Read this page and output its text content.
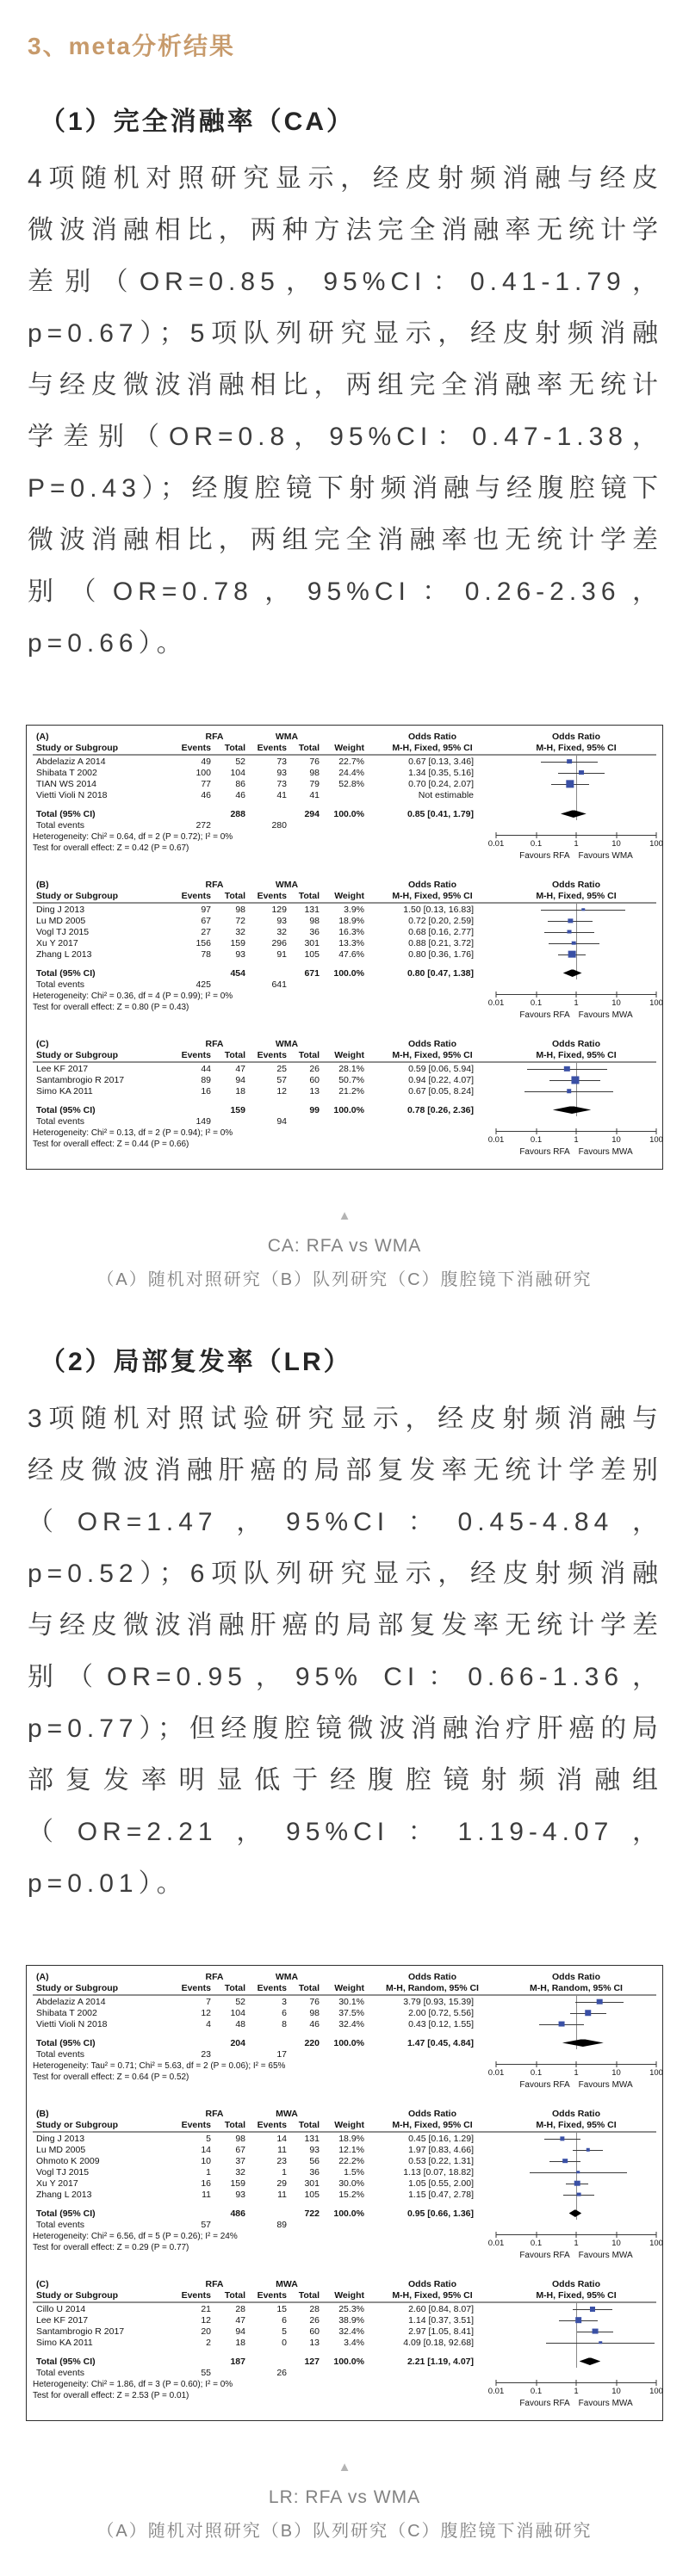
3、meta分析结果
（1）完全消融率（CA）

4项随机对照研究显示，经皮射频消融与经皮微波消融相比，两种方法完全消融率无统计学差别（OR=0.85，95%CI：0.41-1.79，p=0.67）；5项队列研究显示，经皮射频消融与经皮微波消融相比，两组完全消融率无统计学差别（OR=0.8，95%CI：0.47-1.38，P=0.43）；经腹腔镜下射频消融与经腹腔镜下微波消融相比，两组完全消融率也无统计学差别（OR=0.78，95%CI：0.26-2.36，p=0.66）。

(A)	RFA	WMA	Odds Ratio	Odds Ratio
Study or Subgroup	Events	Total	Events	Total	Weight	M-H, Fixed, 95% CI	M-H, Fixed, 95% CI
Abdelaziz A 2014	49	52	73	76	22.7%	0.67 [0.13, 3.46]
Shibata T 2002	100	104	93	98	24.4%	1.34 [0.35, 5.16]
TIAN WS 2014	77	86	73	79	52.8%	0.70 [0.24, 2.07]
Vietti Violi N 2018	46	46	41	41	Not estimable
Total (95% CI)	288	294	100.0%	0.85 [0.41, 1.79]
Total events	272	280
Heterogeneity: Chi² = 0.64, df = 2 (P = 0.72); I² = 0%
Test for overall effect: Z = 0.42 (P = 0.67)	0.01	0.1	1	10	100
Favours RFA  Favours WMA
(B)	RFA	WMA	Odds Ratio	Odds Ratio
Study or Subgroup	Events	Total	Events	Total	Weight	M-H, Fixed, 95% CI	M-H, Fixed, 95% CI
Ding J 2013	97	98	129	131	3.9%	1.50 [0.13, 16.83]
Lu MD 2005	67	72	93	98	18.9%	0.72 [0.20, 2.59]
Vogl TJ 2015	27	32	32	36	16.3%	0.68 [0.16, 2.77]
Xu Y 2017	156	159	296	301	13.3%	0.88 [0.21, 3.72]
Zhang L 2013	78	93	91	105	47.6%	0.80 [0.36, 1.76]
Total (95% CI)	454	671	100.0%	0.80 [0.47, 1.38]
Total events	425	641
Heterogeneity: Chi² = 0.36, df = 4 (P = 0.99); I² = 0%
Test for overall effect: Z = 0.80 (P = 0.43)	0.01	0.1	1	10	100
Favours RFA  Favours MWA
(C)	RFA	WMA	Odds Ratio	Odds Ratio
Study or Subgroup	Events	Total	Events	Total	Weight	M-H, Fixed, 95% CI	M-H, Fixed, 95% CI
Lee KF 2017	44	47	25	26	28.1%	0.59 [0.06, 5.94]
Santambrogio R 2017	89	94	57	60	50.7%	0.94 [0.22, 4.07]
Simo KA 2011	16	18	12	13	21.2%	0.67 [0.05, 8.24]
Total (95% CI)	159	99	100.0%	0.78 [0.26, 2.36]
Total events	149	94
Heterogeneity: Chi² = 0.13, df = 2 (P = 0.94); I² = 0%
Test for overall effect: Z = 0.44 (P = 0.66)	0.01	0.1	1	10	100
Favours RFA  Favours MWA
▲
CA: RFA vs WMA
（A）随机对照研究（B）队列研究（C）腹腔镜下消融研究
（2）局部复发率（LR）

3项随机对照试验研究显示，经皮射频消融与经皮微波消融肝癌的局部复发率无统计学差别（OR=1.47，95%CI：0.45-4.84，p=0.52）；6项队列研究显示，经皮射频消融与经皮微波消融肝癌的局部复发率无统计学差别（OR=0.95，95% CI：0.66-1.36，p=0.77）；但经腹腔镜微波消融治疗肝癌的局部复发率明显低于经腹腔镜射频消融组（OR=2.21，95%CI：1.19-4.07，p=0.01）。

(A)	RFA	WMA	Odds Ratio	Odds Ratio
Study or Subgroup	Events	Total	Events	Total	Weight	M-H, Random, 95% CI	M-H, Random, 95% CI
Abdelaziz A 2014	7	52	3	76	30.1%	3.79 [0.93, 15.39]
Shibata T 2002	12	104	6	98	37.5%	2.00 [0.72, 5.56]
Vietti Violi N 2018	4	48	8	46	32.4%	0.43 [0.12, 1.55]
Total (95% CI)	204	220	100.0%	1.47 [0.45, 4.84]
Total events	23	17
Heterogeneity: Tau² = 0.71; Chi² = 5.63, df = 2 (P = 0.06); I² = 65%
Test for overall effect: Z = 0.64 (P = 0.52)	0.01	0.1	1	10	100
Favours RFA  Favours MWA
(B)	RFA	MWA	Odds Ratio	Odds Ratio
Study or Subgroup	Events	Total	Events	Total	Weight	M-H, Fixed, 95% CI	M-H, Fixed, 95% CI
Ding J 2013	5	98	14	131	18.9%	0.45 [0.16, 1.29]
Lu MD 2005	14	67	11	93	12.1%	1.97 [0.83, 4.66]
Ohmoto K 2009	10	37	23	56	22.2%	0.53 [0.22, 1.31]
Vogl TJ 2015	1	32	1	36	1.5%	1.13 [0.07, 18.82]
Xu Y 2017	16	159	29	301	30.0%	1.05 [0.55, 2.00]
Zhang L 2013	11	93	11	105	15.2%	1.15 [0.47, 2.78]
Total (95% CI)	486	722	100.0%	0.95 [0.66, 1.36]
Total events	57	89
Heterogeneity: Chi² = 6.56, df = 5 (P = 0.26); I² = 24%
Test for overall effect: Z = 0.29 (P = 0.77)	0.01	0.1	1	10	100
Favours RFA  Favours MWA
(C)	RFA	MWA	Odds Ratio	Odds Ratio
Study or Subgroup	Events	Total	Events	Total	Weight	M-H, Fixed, 95% CI	M-H, Fixed, 95% CI
Cillo U 2014	21	28	15	28	25.3%	2.60 [0.84, 8.07]
Lee KF 2017	12	47	6	26	38.9%	1.14 [0.37, 3.51]
Santambrogio R 2017	20	94	5	60	32.4%	2.97 [1.05, 8.41]
Simo KA 2011	2	18	0	13	3.4%	4.09 [0.18, 92.68]
Total (95% CI)	187	127	100.0%	2.21 [1.19, 4.07]
Total events	55	26
Heterogeneity: Chi² = 1.86, df = 3 (P = 0.60); I² = 0%
Test for overall effect: Z = 2.53 (P = 0.01)	0.01	0.1	1	10	100
Favours RFA  Favours MWA
▲
LR: RFA vs WMA
（A）随机对照研究（B）队列研究（C）腹腔镜下消融研究
